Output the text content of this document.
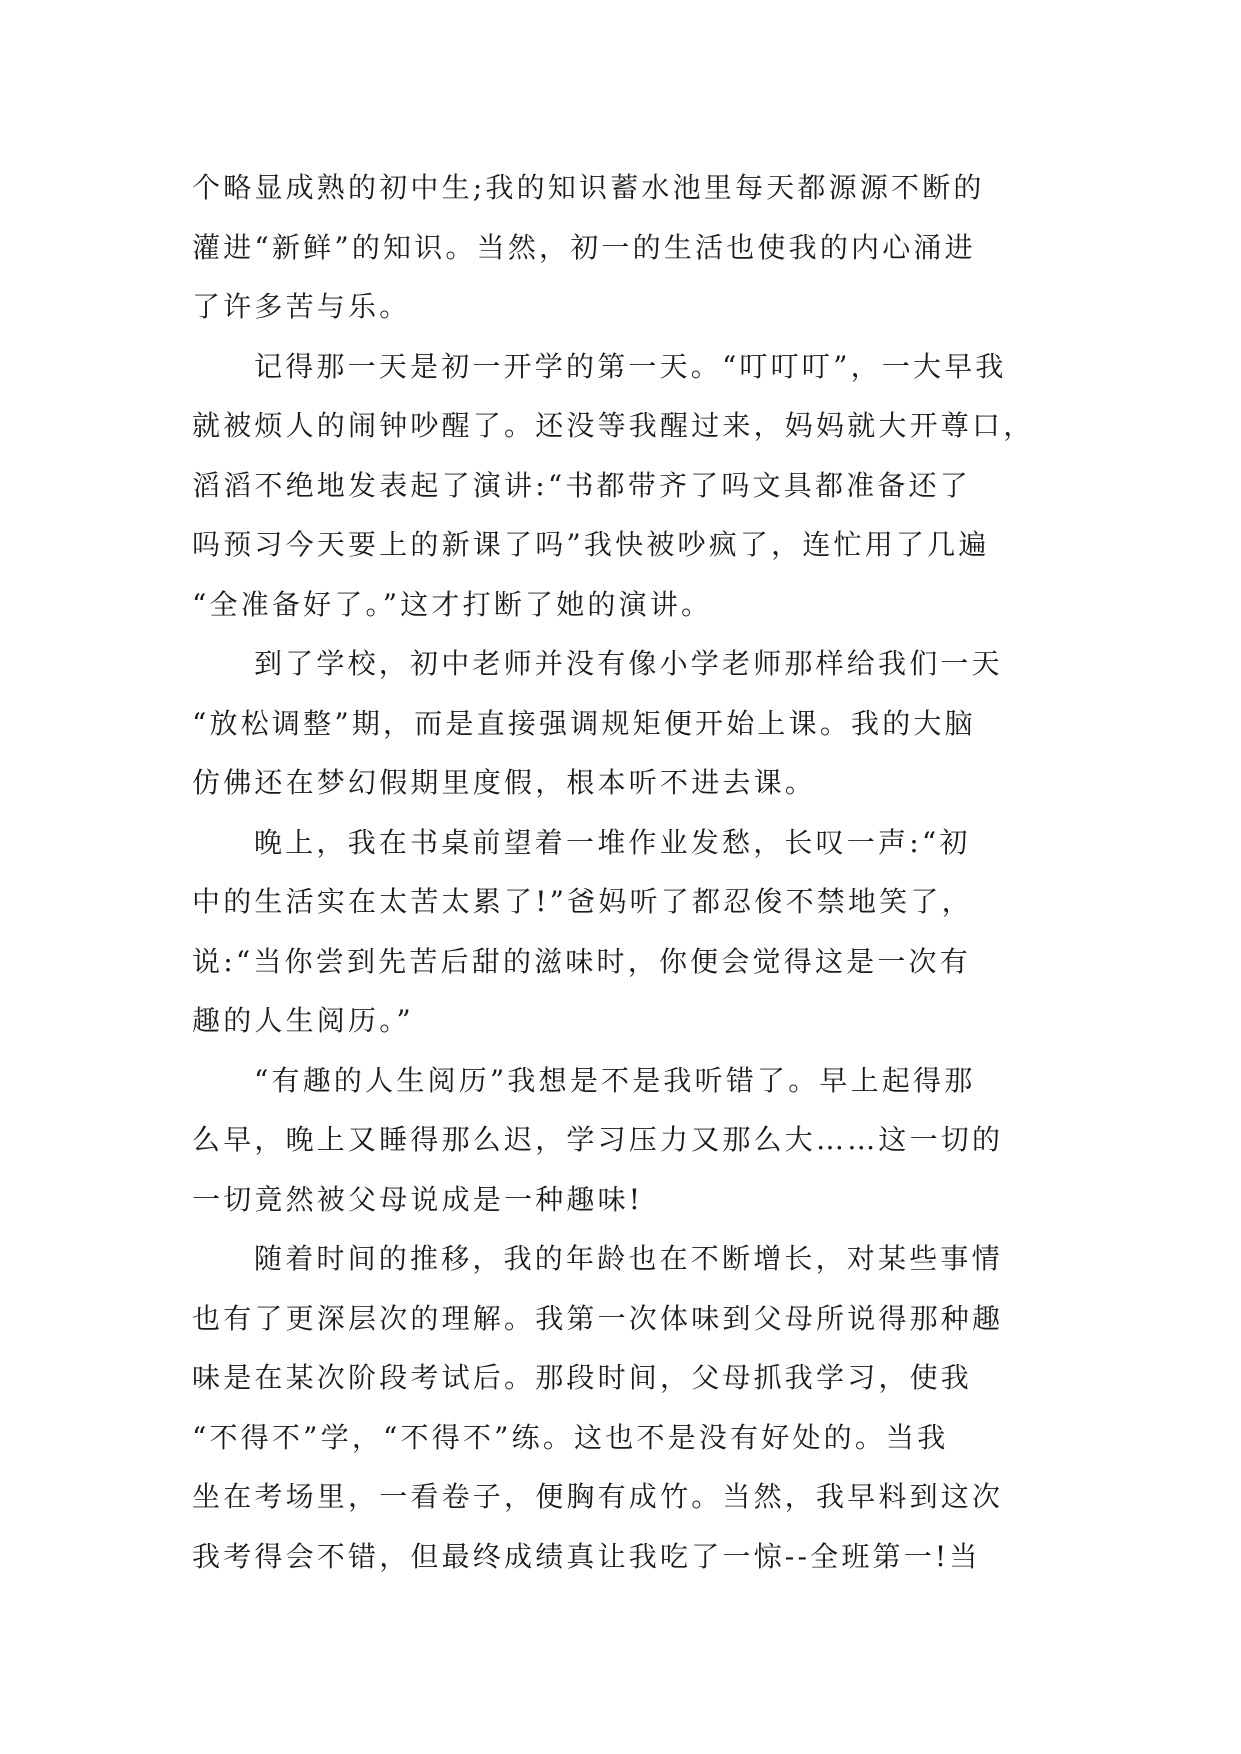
个略显成熟的初中生;我的知识蓄水池里每天都源源不断的
灌进“新鲜”的知识。当然，初一的生活也使我的内心涌进
了许多苦与乐。
记得那一天是初一开学的第一天。“叮叮叮”，一大早我
就被烦人的闹钟吵醒了。还没等我醒过来，妈妈就大开尊口，
滔滔不绝地发表起了演讲:“书都带齐了吗文具都准备还了
吗预习今天要上的新课了吗”我快被吵疯了，连忙用了几遍
“全准备好了。”这才打断了她的演讲。
到了学校，初中老师并没有像小学老师那样给我们一天
“放松调整”期，而是直接强调规矩便开始上课。我的大脑
仿佛还在梦幻假期里度假，根本听不进去课。
晚上，我在书桌前望着一堆作业发愁，长叹一声:“初
中的生活实在太苦太累了!”爸妈听了都忍俊不禁地笑了，
说:“当你尝到先苦后甜的滋味时，你便会觉得这是一次有
趣的人生阅历。”
“有趣的人生阅历”我想是不是我听错了。早上起得那
么早，晚上又睡得那么迟，学习压力又那么大……这一切的
一切竟然被父母说成是一种趣味!
随着时间的推移，我的年龄也在不断增长，对某些事情
也有了更深层次的理解。我第一次体味到父母所说得那种趣
味是在某次阶段考试后。那段时间，父母抓我学习，使我
“不得不”学，“不得不”练。这也不是没有好处的。当我
坐在考场里，一看卷子，便胸有成竹。当然，我早料到这次
我考得会不错，但最终成绩真让我吃了一惊--全班第一!当
